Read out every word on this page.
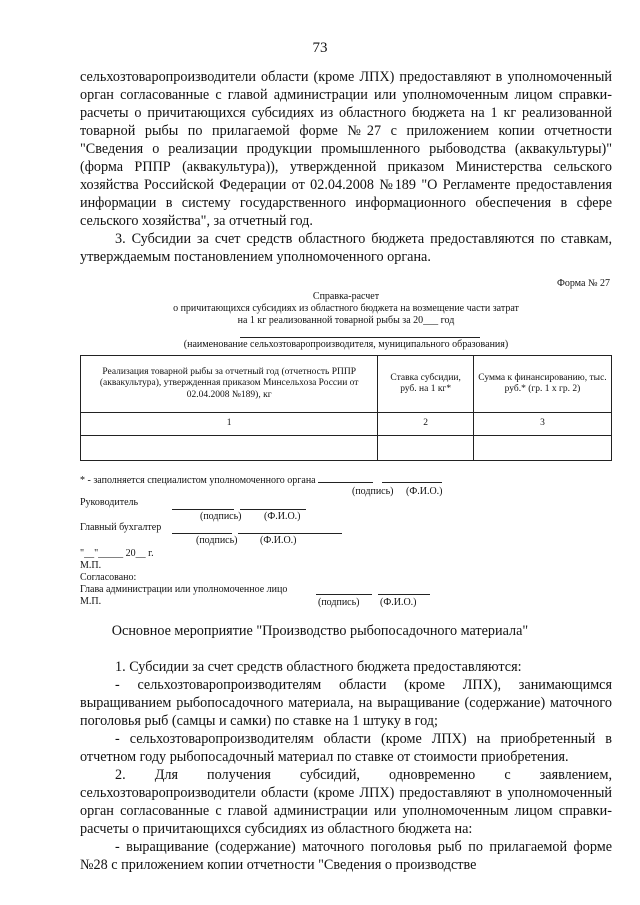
73

сельхозтоваропроизводители области (кроме ЛПХ) предоставляют в уполномоченный орган согласованные с главой администрации или уполномоченным лицом справки-расчеты о причитающихся субсидиях из областного бюджета на 1 кг реализованной товарной рыбы по прилагаемой форме №27 с приложением копии отчетности "Сведения о реализации продукции промышленного рыбоводства (аквакультуры)" (форма РППР (аквакультура)), утвержденной приказом Министерства сельского хозяйства Российской Федерации от 02.04.2008 №189 "О Регламенте предоставления информации в систему государственного информационного обеспечения в сфере сельского хозяйства", за отчетный год.

3. Субсидии за счет средств областного бюджета предоставляются по ставкам, утверждаемым постановлением уполномоченного органа.

Форма № 27
Справка-расчет
о причитающихся субсидиях из областного бюджета на возмещение части затрат
на 1 кг реализованной товарной рыбы за 20___ год
(наименование сельхозтоваропроизводителя, муниципального образования)
Реализация товарной рыбы за отчетный год (отчетность РППР (аквакультура), утвержденная приказом Минсельхоза России от 02.04.2008 №189), кг	Ставка субсидии, руб. на 1 кг*	Сумма к финансированию, тыс. руб.* (гр. 1 х гр. 2)
1	2	3

* - заполняется специалистом уполномоченного органа
(подпись) (Ф.И.О.)
Руководитель
(подпись) (Ф.И.О.)
Главный бухгалтер
(подпись) (Ф.И.О.)
"__"_____ 20__ г.
М.П.
Согласовано:
Глава администрации или уполномоченное лицо
М.П.	(подпись) (Ф.И.О.)
Основное мероприятие "Производство рыбопосадочного материала"

1. Субсидии за счет средств областного бюджета предоставляются:

- сельхозтоваропроизводителям области (кроме ЛПХ), занимающимся выращиванием рыбопосадочного материала, на выращивание (содержание) маточного поголовья рыб (самцы и самки) по ставке на 1 штуку в год;

- сельхозтоваропроизводителям области (кроме ЛПХ) на приобретенный в отчетном году рыбопосадочный материал по ставке от стоимости приобретения.

2. Для получения субсидий, одновременно с заявлением, сельхозтоваропроизводители области (кроме ЛПХ) предоставляют в уполномоченный орган согласованные с главой администрации или уполномоченным лицом справки-расчеты о причитающихся субсидиях из областного бюджета на:

- выращивание (содержание) маточного поголовья рыб по прилагаемой форме №28 с приложением копии отчетности "Сведения о производстве
